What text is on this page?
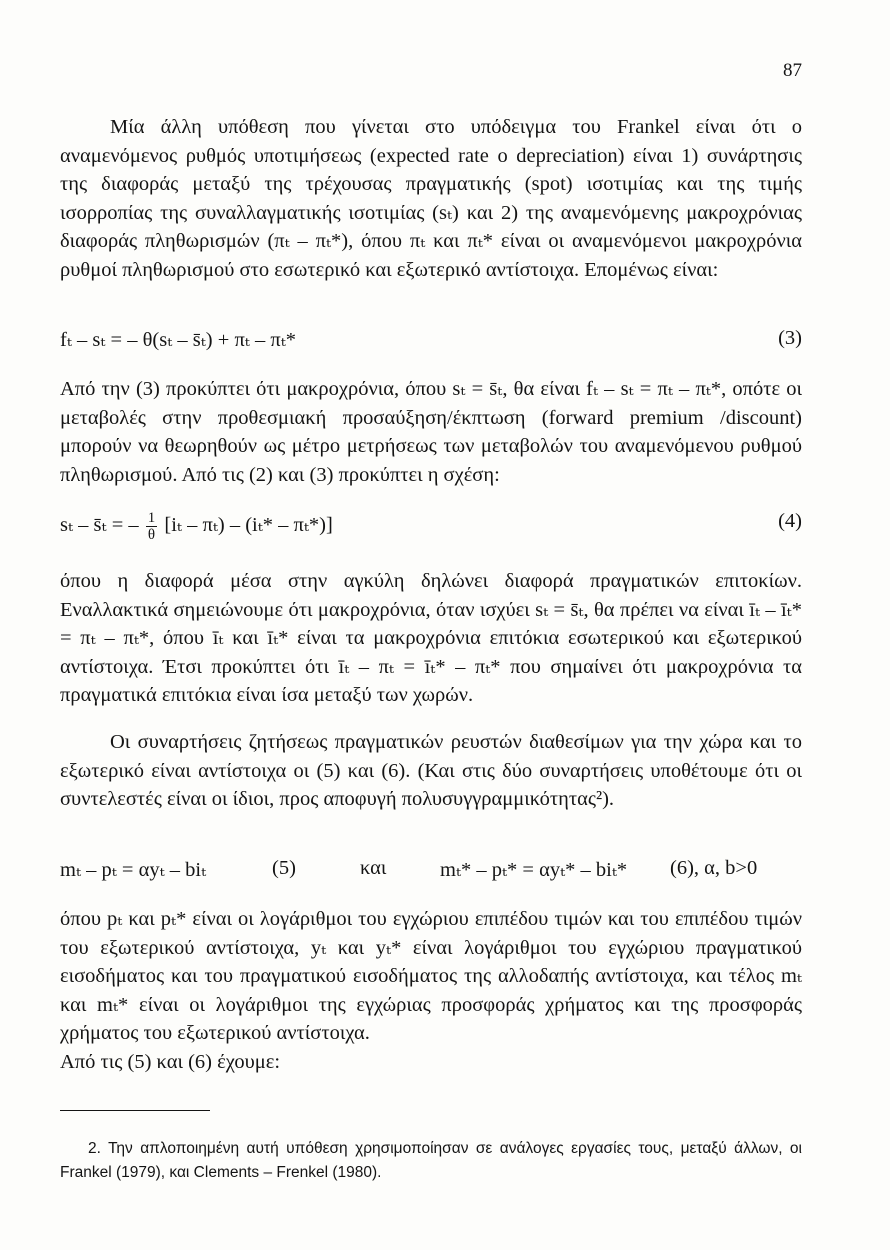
87

Μία άλλη υπόθεση που γίνεται στο υπόδειγμα του Frankel είναι ότι ο αναμενόμενος ρυθμός υποτιμήσεως (expected rate o depreciation) είναι 1) συνάρτησις της διαφοράς μεταξύ της τρέχουσας πραγματικής (spot) ισοτιμίας και της τιμής ισορροπίας της συναλλαγματικής ισοτιμίας (sₜ) και 2) της αναμενόμενης μακροχρόνιας διαφοράς πληθωρισμών (πₜ – πₜ*), όπου πₜ και πₜ* είναι οι αναμενόμενοι μακροχρόνια ρυθμοί πληθωρισμού στο εσωτερικό και εξωτερικό αντίστοιχα. Επομένως είναι:

fₜ – sₜ = – θ(sₜ – s̄ₜ) + πₜ – πₜ*	(3)

Από την (3) προκύπτει ότι μακροχρόνια, όπου sₜ = s̄ₜ, θα είναι fₜ – sₜ = πₜ – πₜ*, οπότε οι μεταβολές στην προθεσμιακή προσαύξηση/έκπτωση (forward premium /discount) μπορούν να θεωρηθούν ως μέτρο μετρήσεως των μεταβολών του αναμενόμενου ρυθμού πληθωρισμού. Από τις (2) και (3) προκύπτει η σχέση:

sₜ – s̄ₜ = – $\frac{1}{\theta} [i_t - \pi_t) - (i_t* - \pi_t*)$]	(4)

όπου η διαφορά μέσα στην αγκύλη δηλώνει διαφορά πραγματικών επιτοκίων. Εναλλακτικά σημειώνουμε ότι μακροχρόνια, όταν ισχύει sₜ = s̄ₜ, θα πρέπει να είναι īₜ – īₜ* = πₜ – πₜ*, όπου īₜ και īₜ* είναι τα μακροχρόνια επιτόκια εσωτερικού και εξωτερικού αντίστοιχα. Έτσι προκύπτει ότι īₜ – πₜ = īₜ* – πₜ* που σημαίνει ότι μακροχρόνια τα πραγματικά επιτόκια είναι ίσα μεταξύ των χωρών.

Οι συναρτήσεις ζητήσεως πραγματικών ρευστών διαθεσίμων για την χώρα και το εξωτερικό είναι αντίστοιχα οι (5) και (6). (Και στις δύο συναρτήσεις υποθέτουμε ότι οι συντελεστές είναι οι ίδιοι, προς αποφυγή πολυσυγγραμμικότητας²).

mₜ – pₜ = αyₜ – biₜ	(5)	και	mₜ* – pₜ* = αyₜ* – biₜ* (6), α, b>0

όπου pₜ και pₜ* είναι οι λογάριθμοι του εγχώριου επιπέδου τιμών και του επιπέδου τιμών του εξωτερικού αντίστοιχα, yₜ και yₜ* είναι λογάριθμοι του εγχώριου πραγματικού εισοδήματος και του πραγματικού εισοδήματος της αλλοδαπής αντίστοιχα, και τέλος mₜ και mₜ* είναι οι λογάριθμοι της εγχώριας προσφοράς χρήματος και της προσφοράς χρήματος του εξωτερικού αντίστοιχα.

Από τις (5) και (6) έχουμε:

2. Την απλοποιημένη αυτή υπόθεση χρησιμοποίησαν σε ανάλογες εργασίες τους, μεταξύ άλλων, οι Frankel (1979), και Clements – Frenkel (1980).
